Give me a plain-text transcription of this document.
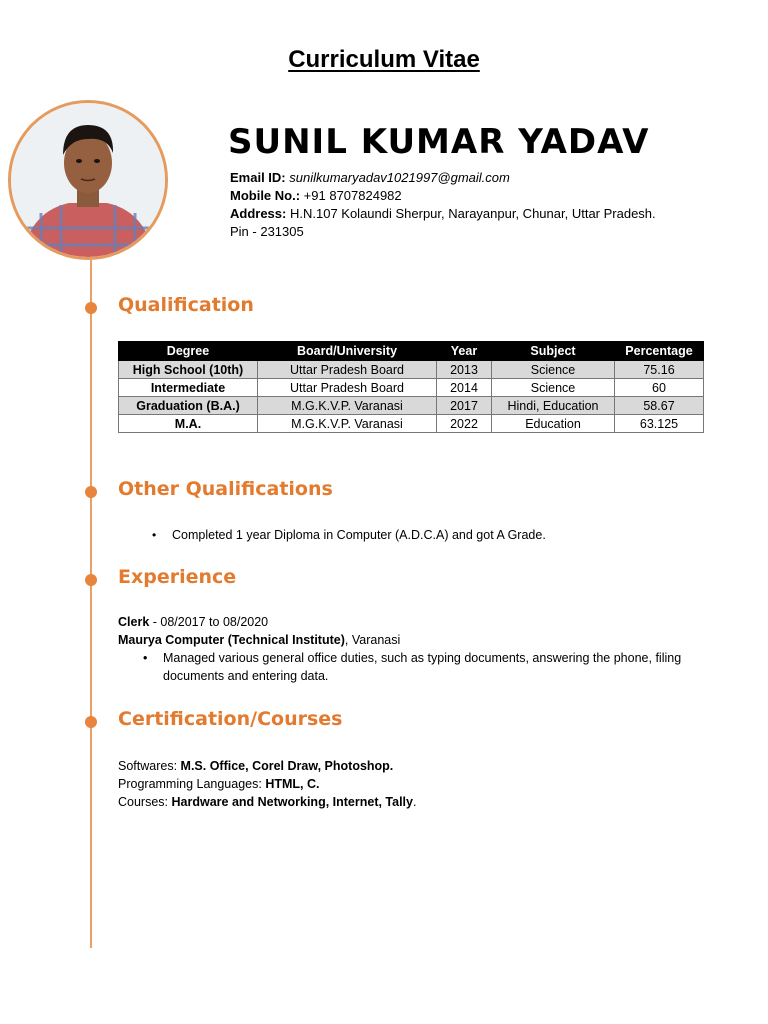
Curriculum Vitae
SUNIL KUMAR YADAV
Email ID: sunilkumaryadav1021997@gmail.com
Mobile No.: +91 8707824982
Address: H.N.107 Kolaundi Sherpur, Narayanpur, Chunar, Uttar Pradesh. Pin - 231305
Qualification
Degree	Board/University	Year	Subject	Percentage
High School (10th)	Uttar Pradesh Board	2013	Science	75.16
Intermediate	Uttar Pradesh Board	2014	Science	60
Graduation (B.A.)	M.G.K.V.P. Varanasi	2017	Hindi, Education	58.67
M.A.	M.G.K.V.P. Varanasi	2022	Education	63.125
Other Qualifications
• Completed 1 year Diploma in Computer (A.D.C.A) and got A Grade.
Experience
Clerk - 08/2017 to 08/2020
Maurya Computer (Technical Institute), Varanasi
• Managed various general office duties, such as typing documents, answering the phone, filing documents and entering data.
Certification/Courses
Softwares: M.S. Office, Corel Draw, Photoshop.
Programming Languages: HTML, C.
Courses: Hardware and Networking, Internet, Tally.
